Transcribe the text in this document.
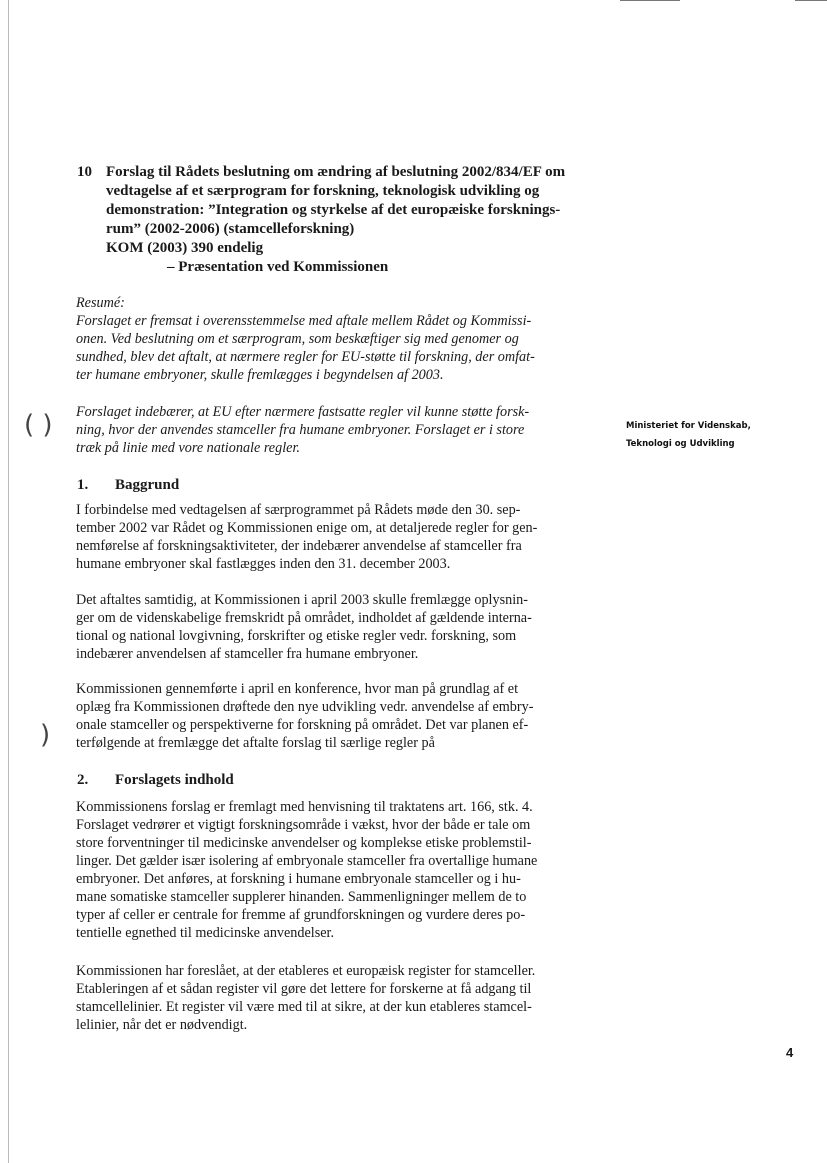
( )
)
Ministeriet for Videnskab,
Teknologi og Udvikling
10 Forslag til Rådets beslutning om ændring af beslutning 2002/834/EF om
vedtagelse af et særprogram for forskning, teknologisk udvikling og
demonstration: ”Integration og styrkelse af det europæiske forsknings-
rum” (2002-2006) (stamcelleforskning)
KOM (2003) 390 endelig
– Præsentation ved Kommissionen
Resumé:
Forslaget er fremsat i overensstemmelse med aftale mellem Rådet og Kommissi-
onen. Ved beslutning om et særprogram, som beskæftiger sig med genomer og
sundhed, blev det aftalt, at nærmere regler for EU-støtte til forskning, der omfat-
ter humane embryoner, skulle fremlægges i begyndelsen af 2003.
Forslaget indebærer, at EU efter nærmere fastsatte regler vil kunne støtte forsk-
ning, hvor der anvendes stamceller fra humane embryoner. Forslaget er i store
træk på linie med vore nationale regler.
1. Baggrund
I forbindelse med vedtagelsen af særprogrammet på Rådets møde den 30. sep-
tember 2002 var Rådet og Kommissionen enige om, at detaljerede regler for gen-
nemførelse af forskningsaktiviteter, der indebærer anvendelse af stamceller fra
humane embryoner skal fastlægges inden den 31. december 2003.
Det aftaltes samtidig, at Kommissionen i april 2003 skulle fremlægge oplysnin-
ger om de videnskabelige fremskridt på området, indholdet af gældende interna-
tional og national lovgivning, forskrifter og etiske regler vedr. forskning, som
indebærer anvendelsen af stamceller fra humane embryoner.
Kommissionen gennemførte i april en konference, hvor man på grundlag af et
oplæg fra Kommissionen drøftede den nye udvikling vedr. anvendelse af embry-
onale stamceller og perspektiverne for forskning på området. Det var planen ef-
terfølgende at fremlægge det aftalte forslag til særlige regler på
2. Forslagets indhold
Kommissionens forslag er fremlagt med henvisning til traktatens art. 166, stk. 4.
Forslaget vedrører et vigtigt forskningsområde i vækst, hvor der både er tale om
store forventninger til medicinske anvendelser og komplekse etiske problemstil-
linger. Det gælder især isolering af embryonale stamceller fra overtallige humane
embryoner. Det anføres, at forskning i humane embryonale stamceller og i hu-
mane somatiske stamceller supplerer hinanden. Sammenligninger mellem de to
typer af celler er centrale for fremme af grundforskningen og vurdere deres po-
tentielle egnethed til medicinske anvendelser.
Kommissionen har foreslået, at der etableres et europæisk register for stamceller.
Etableringen af et sådan register vil gøre det lettere for forskerne at få adgang til
stamcellelinier. Et register vil være med til at sikre, at der kun etableres stamcel-
lelinier, når det er nødvendigt.
4
